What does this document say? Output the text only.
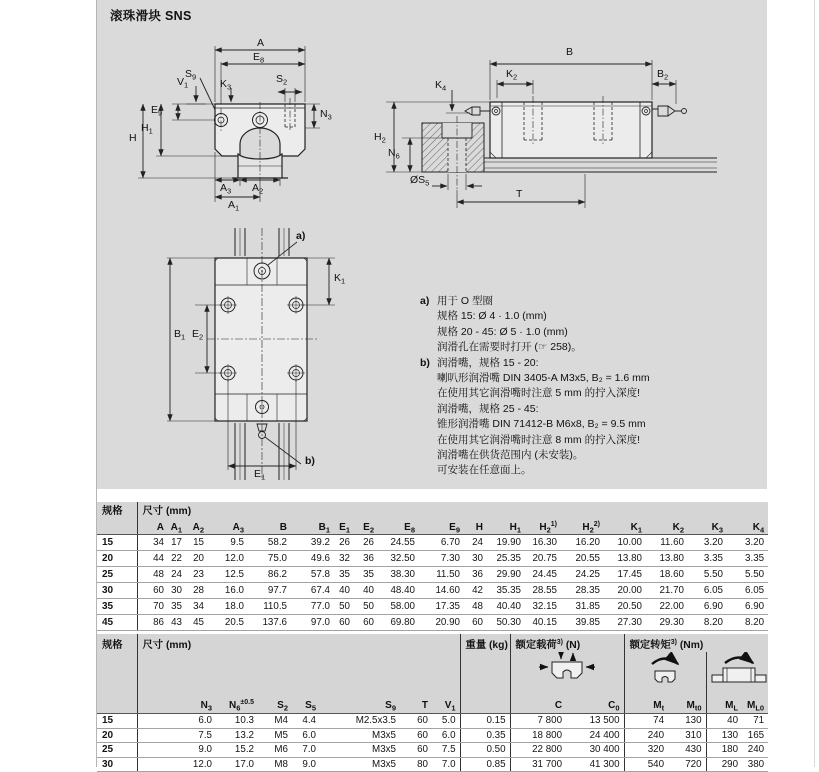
滚珠滑块 SNS
A
$E_8$
$S_9$	$S_2$
$V_1$	$K_3$
$N_3$
$E_9$
$H_1$
H
$A_3$ $A_2$
$A_1$
B
$K_2$	$B_2$
$K_4$
$H_2$
$N_6$
$ØS_5$
T
a)
$K_1$
$B_1$ $E_2$
$E_1$
b)
a) 用于 O 型圈
规格 15: Ø 4 · 1.0 (mm)
规格 20 - 45: Ø 5 · 1.0 (mm)
润滑孔在需要时打开 (☞ 258)。
b) 润滑嘴，规格 15 - 20:
喇叭形润滑嘴 DIN 3405-A M3x5, B₂ = 1.6 mm
在使用其它润滑嘴时注意 5 mm 的拧入深度!
润滑嘴，规格 25 - 45:
锥形润滑嘴 DIN 71412-B M6x8, B₂ = 9.5 mm
在使用其它润滑嘴时注意 8 mm 的拧入深度!
润滑嘴在供货范围内 (未安装)。
可安装在任意面上。
规格	尺寸 (mm)																	
	A	$A_1$	$A_2$	$A_3$	B	$B_1$	$E_1$	$E_2$	$E_8$	$E_9$	H	$H_1$	$H_2^{1)}$	$H_2^{2)}$	$K_1$	$K_2$	$K_3$	$K_4$
15	34	17	15	9.5	58.2	39.2	26	26	24.55	6.70	24	19.90	16.30	16.20	10.00	11.60	3.20	3.20
20	44	22	20	12.0	75.0	49.6	32	36	32.50	7.30	30	25.35	20.75	20.55	13.80	13.80	3.35	3.35
25	48	24	23	12.5	86.2	57.8	35	35	38.30	11.50	36	29.90	24.45	24.25	17.45	18.60	5.50	5.50
30	60	30	28	16.0	97.7	67.4	40	40	48.40	14.60	42	35.35	28.55	28.35	20.00	21.70	6.05	6.05
35	70	35	34	18.0	110.5	77.0	50	50	58.00	17.35	48	40.40	32.15	31.85	20.50	22.00	6.90	6.90
45	86	43	45	20.5	137.6	97.0	60	60	69.80	20.90	60	50.30	40.15	39.85	27.30	29.30	8.20	8.20
规格	尺寸 (mm)							重量 (kg)	额定载荷$^{3)}$ (N)		额定转矩$^{3)}$ (Nm)			

	$N_3$	$N_6^{\pm 0.5}$	$S_2$	$S_5$	$S_9$	T	$V_1$		C	$C_0$	$M_t$	$M_{t0}$	$M_L$	$M_{L0}$
15	6.0	10.3	M4	4.4	M2.5x3.5	60	5.0	0.15	7 800	13 500	74	130	40	71
20	7.5	13.2	M5	6.0	M3x5	60	6.0	0.35	18 800	24 400	240	310	130	165
25	9.0	15.2	M6	7.0	M3x5	60	7.5	0.50	22 800	30 400	320	430	180	240
30	12.0	17.0	M8	9.0	M3x5	80	7.0	0.85	31 700	41 300	540	720	290	380
